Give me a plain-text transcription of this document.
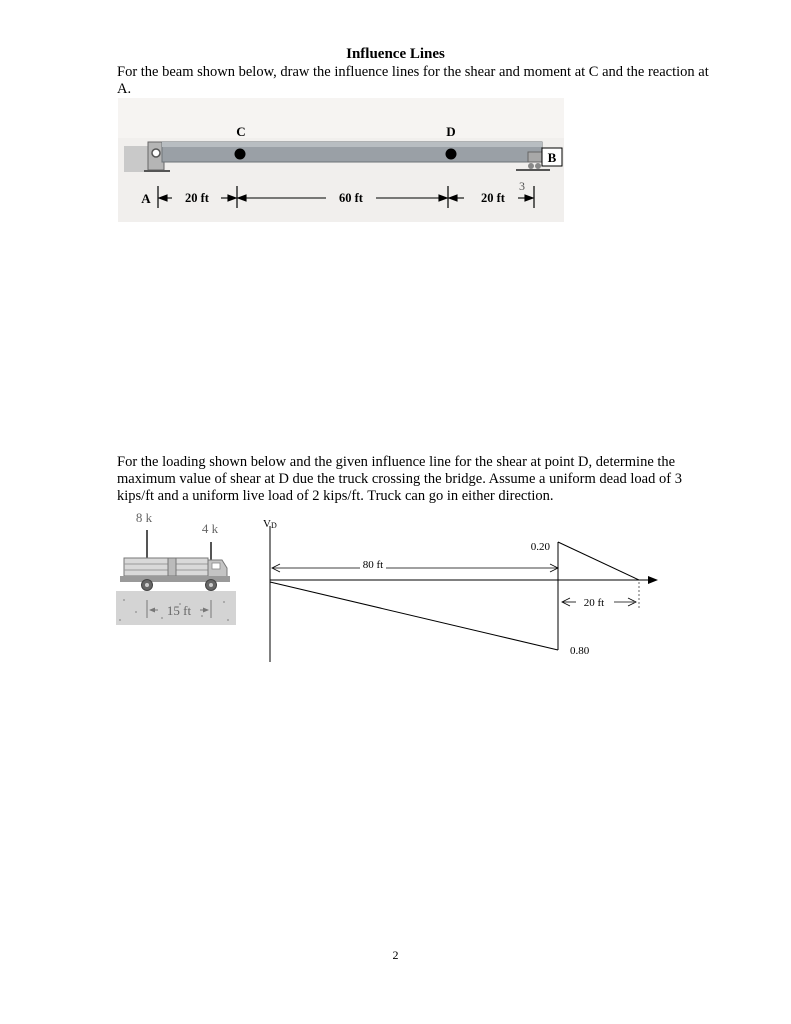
Influence Lines
For the beam shown below, draw the influence lines for the shear and moment at C and the reaction at A.
C	D
B
A	20 ft	60 ft	20 ft
3
For the loading shown below and the given influence line for the shear at point D, determine the maximum value of shear at D due the truck crossing the bridge. Assume a uniform dead load of 3 kips/ft and a uniform live load of 2 kips/ft. Truck can go in either direction.
8 k
4 k
15 ft
VD
80 ft
0.20
0.80
20 ft
2
